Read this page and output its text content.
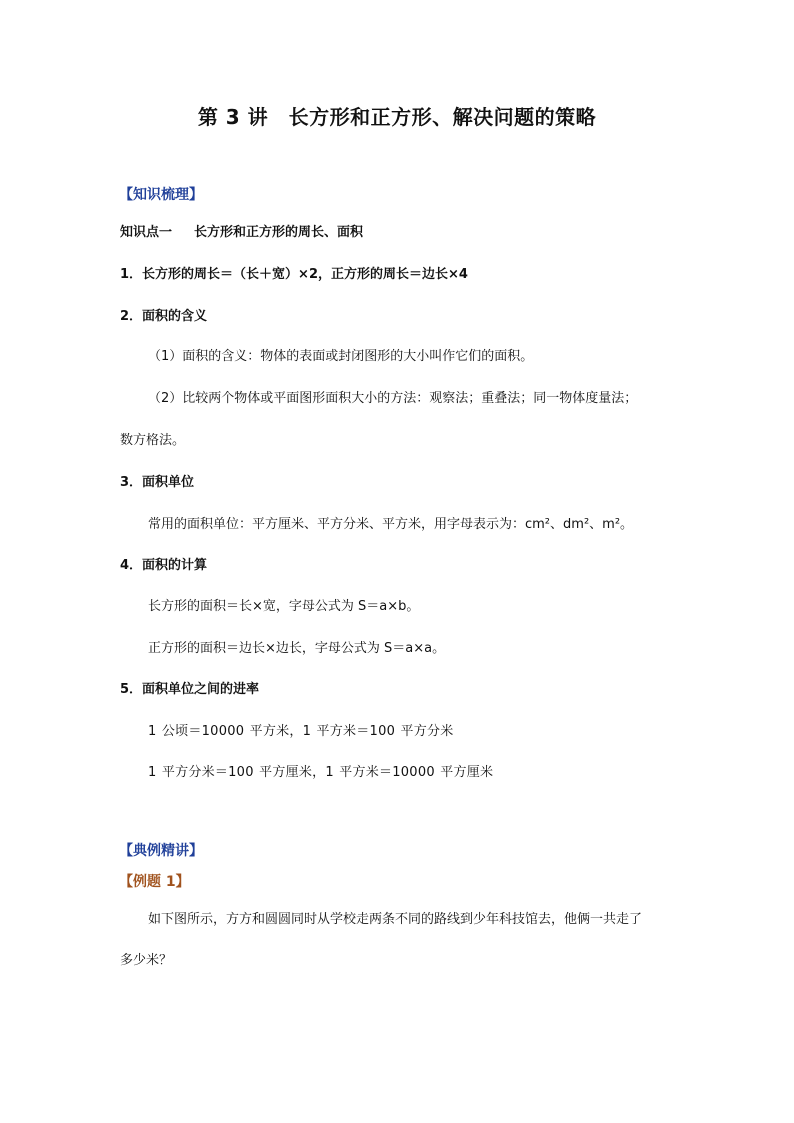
第 3 讲　长方形和正方形、解决问题的策略
【知识梳理】
知识点一 长方形和正方形的周长、面积
1．长方形的周长＝（长＋宽）×2，正方形的周长＝边长×4
2．面积的含义
（1）面积的含义：物体的表面或封闭图形的大小叫作它们的面积。
（2）比较两个物体或平面图形面积大小的方法：观察法；重叠法；同一物体度量法；
数方格法。
3．面积单位
常用的面积单位：平方厘米、平方分米、平方米，用字母表示为：cm²、dm²、m²。
4．面积的计算
长方形的面积＝长×宽，字母公式为 S＝a×b。
正方形的面积＝边长×边长，字母公式为 S＝a×a。
5．面积单位之间的进率
1 公顷＝10000 平方米，1 平方米＝100 平方分米
1 平方分米＝100 平方厘米，1 平方米＝10000 平方厘米
【典例精讲】
【例题 1】
如下图所示，方方和圆圆同时从学校走两条不同的路线到少年科技馆去，他俩一共走了
多少米？
